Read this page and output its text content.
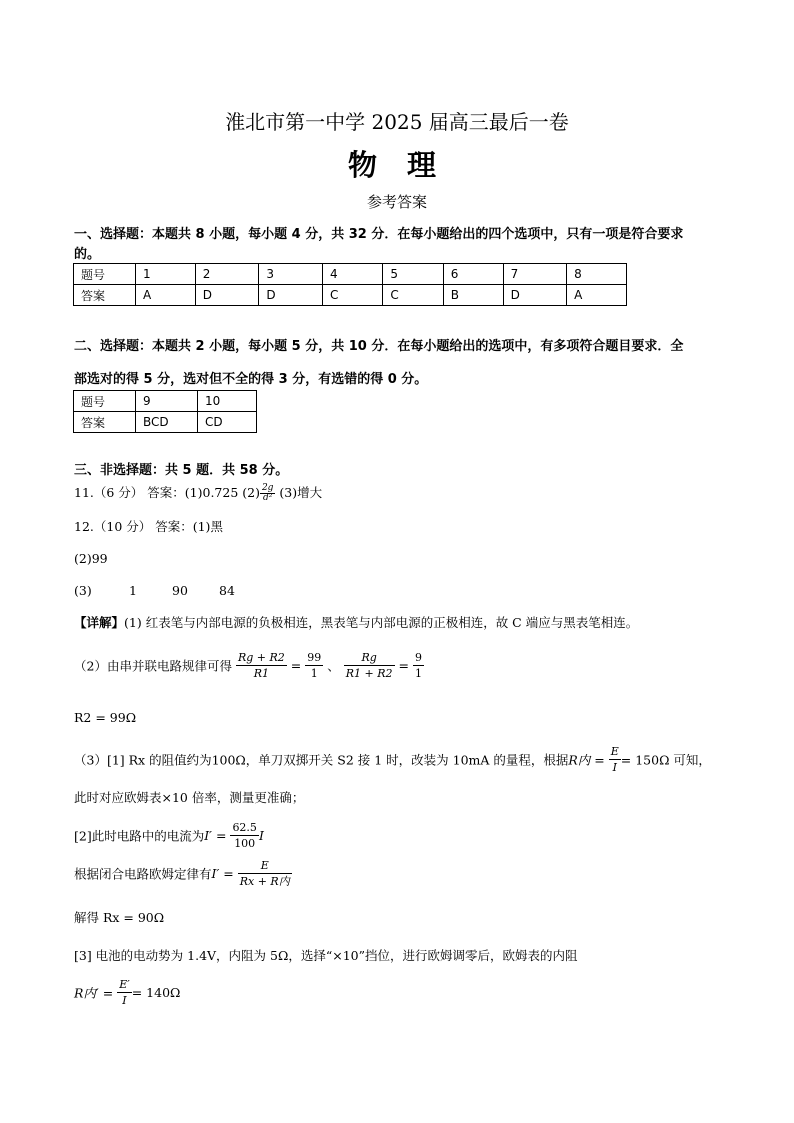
淮北市第一中学 2025 届高三最后一卷
物 理
参考答案
一、选择题：本题共 8 小题，每小题 4 分，共 32 分．在每小题给出的四个选项中，只有一项是符合要求
的。
题号	1	2	3	4	5	6	7	8
答案	A	D	D	C	C	B	D	A
二、选择题：本题共 2 小题，每小题 5 分，共 10 分．在每小题给出的选项中，有多项符合题目要求．全
部选对的得 5 分，选对但不全的得 3 分，有选错的得 0 分。
题号	9	10
答案	BCD	CD
三、非选择题：共 5 题．共 58 分。
11.（6 分） 答案：(1)0.725 $(2) \frac{2g}{\text{d²}} (3)$增大
12.（10 分） 答案：(1)黑
(2)99
(3)	1	90 84
【详解】(1) 红表笔与内部电源的负极相连，黑表笔与内部电源的正极相连，故 C 端应与黑表笔相连。
（2）由串并联电路规律可得 $\frac{Rg + R2}{R1} = \frac{99}{1}$ 、 $\frac{Rg}{R1 + R2} = \frac{9}{1}$
R2 = 99Ω
（3）[1] Rx 的阻值约为100Ω，单刀双掷开关 S2 接 1 时，改装为 10mA 的量程，根据R内 = $\frac{E}{I} = 150\Omega$ 可知，
此时对应欧姆表×10 倍率，测量更准确；
[2]此时电路中的电流为$I' = \frac{62.5}{100}$ I
根据闭合电路欧姆定律有$I' = \frac{E}{\text{Rx + R内}}$
解得 Rx = 90Ω
[3] 电池的电动势为 1.4V，内阻为 5Ω，选择“×10”挡位，进行欧姆调零后，欧姆表的内阻
R内′ = $\frac{E'}{I} = 140\Omega$
